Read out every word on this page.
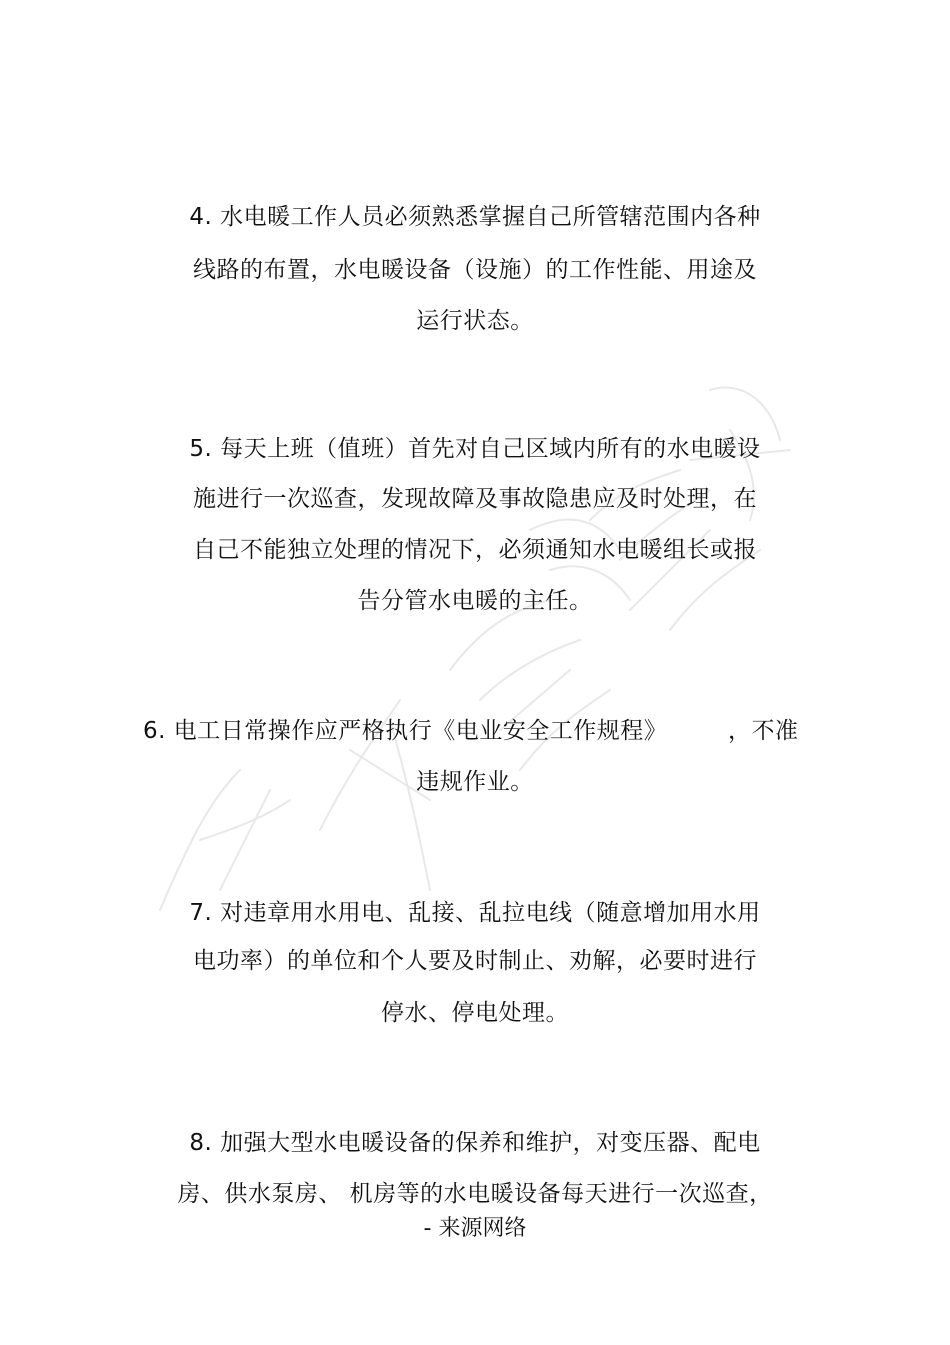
4. 水电暖工作人员必须熟悉掌握自己所管辖范围内各种
线路的布置，水电暖设备（设施）的工作性能、用途及
运行状态。
5. 每天上班（值班）首先对自己区域内所有的水电暖设
施进行一次巡查，发现故障及事故隐患应及时处理，在
自己不能独立处理的情况下，必须通知水电暖组长或报
告分管水电暖的主任。
6. 电工日常操作应严格执行《电业安全工作规程》	，不准
违规作业。
7. 对违章用水用电、乱接、乱拉电线（随意增加用水用
电功率）的单位和个人要及时制止、劝解，必要时进行
停水、停电处理。
8. 加强大型水电暖设备的保养和维护，对变压器、配电
房、供水泵房、 机房等的水电暖设备每天进行一次巡查，
- 来源网络
